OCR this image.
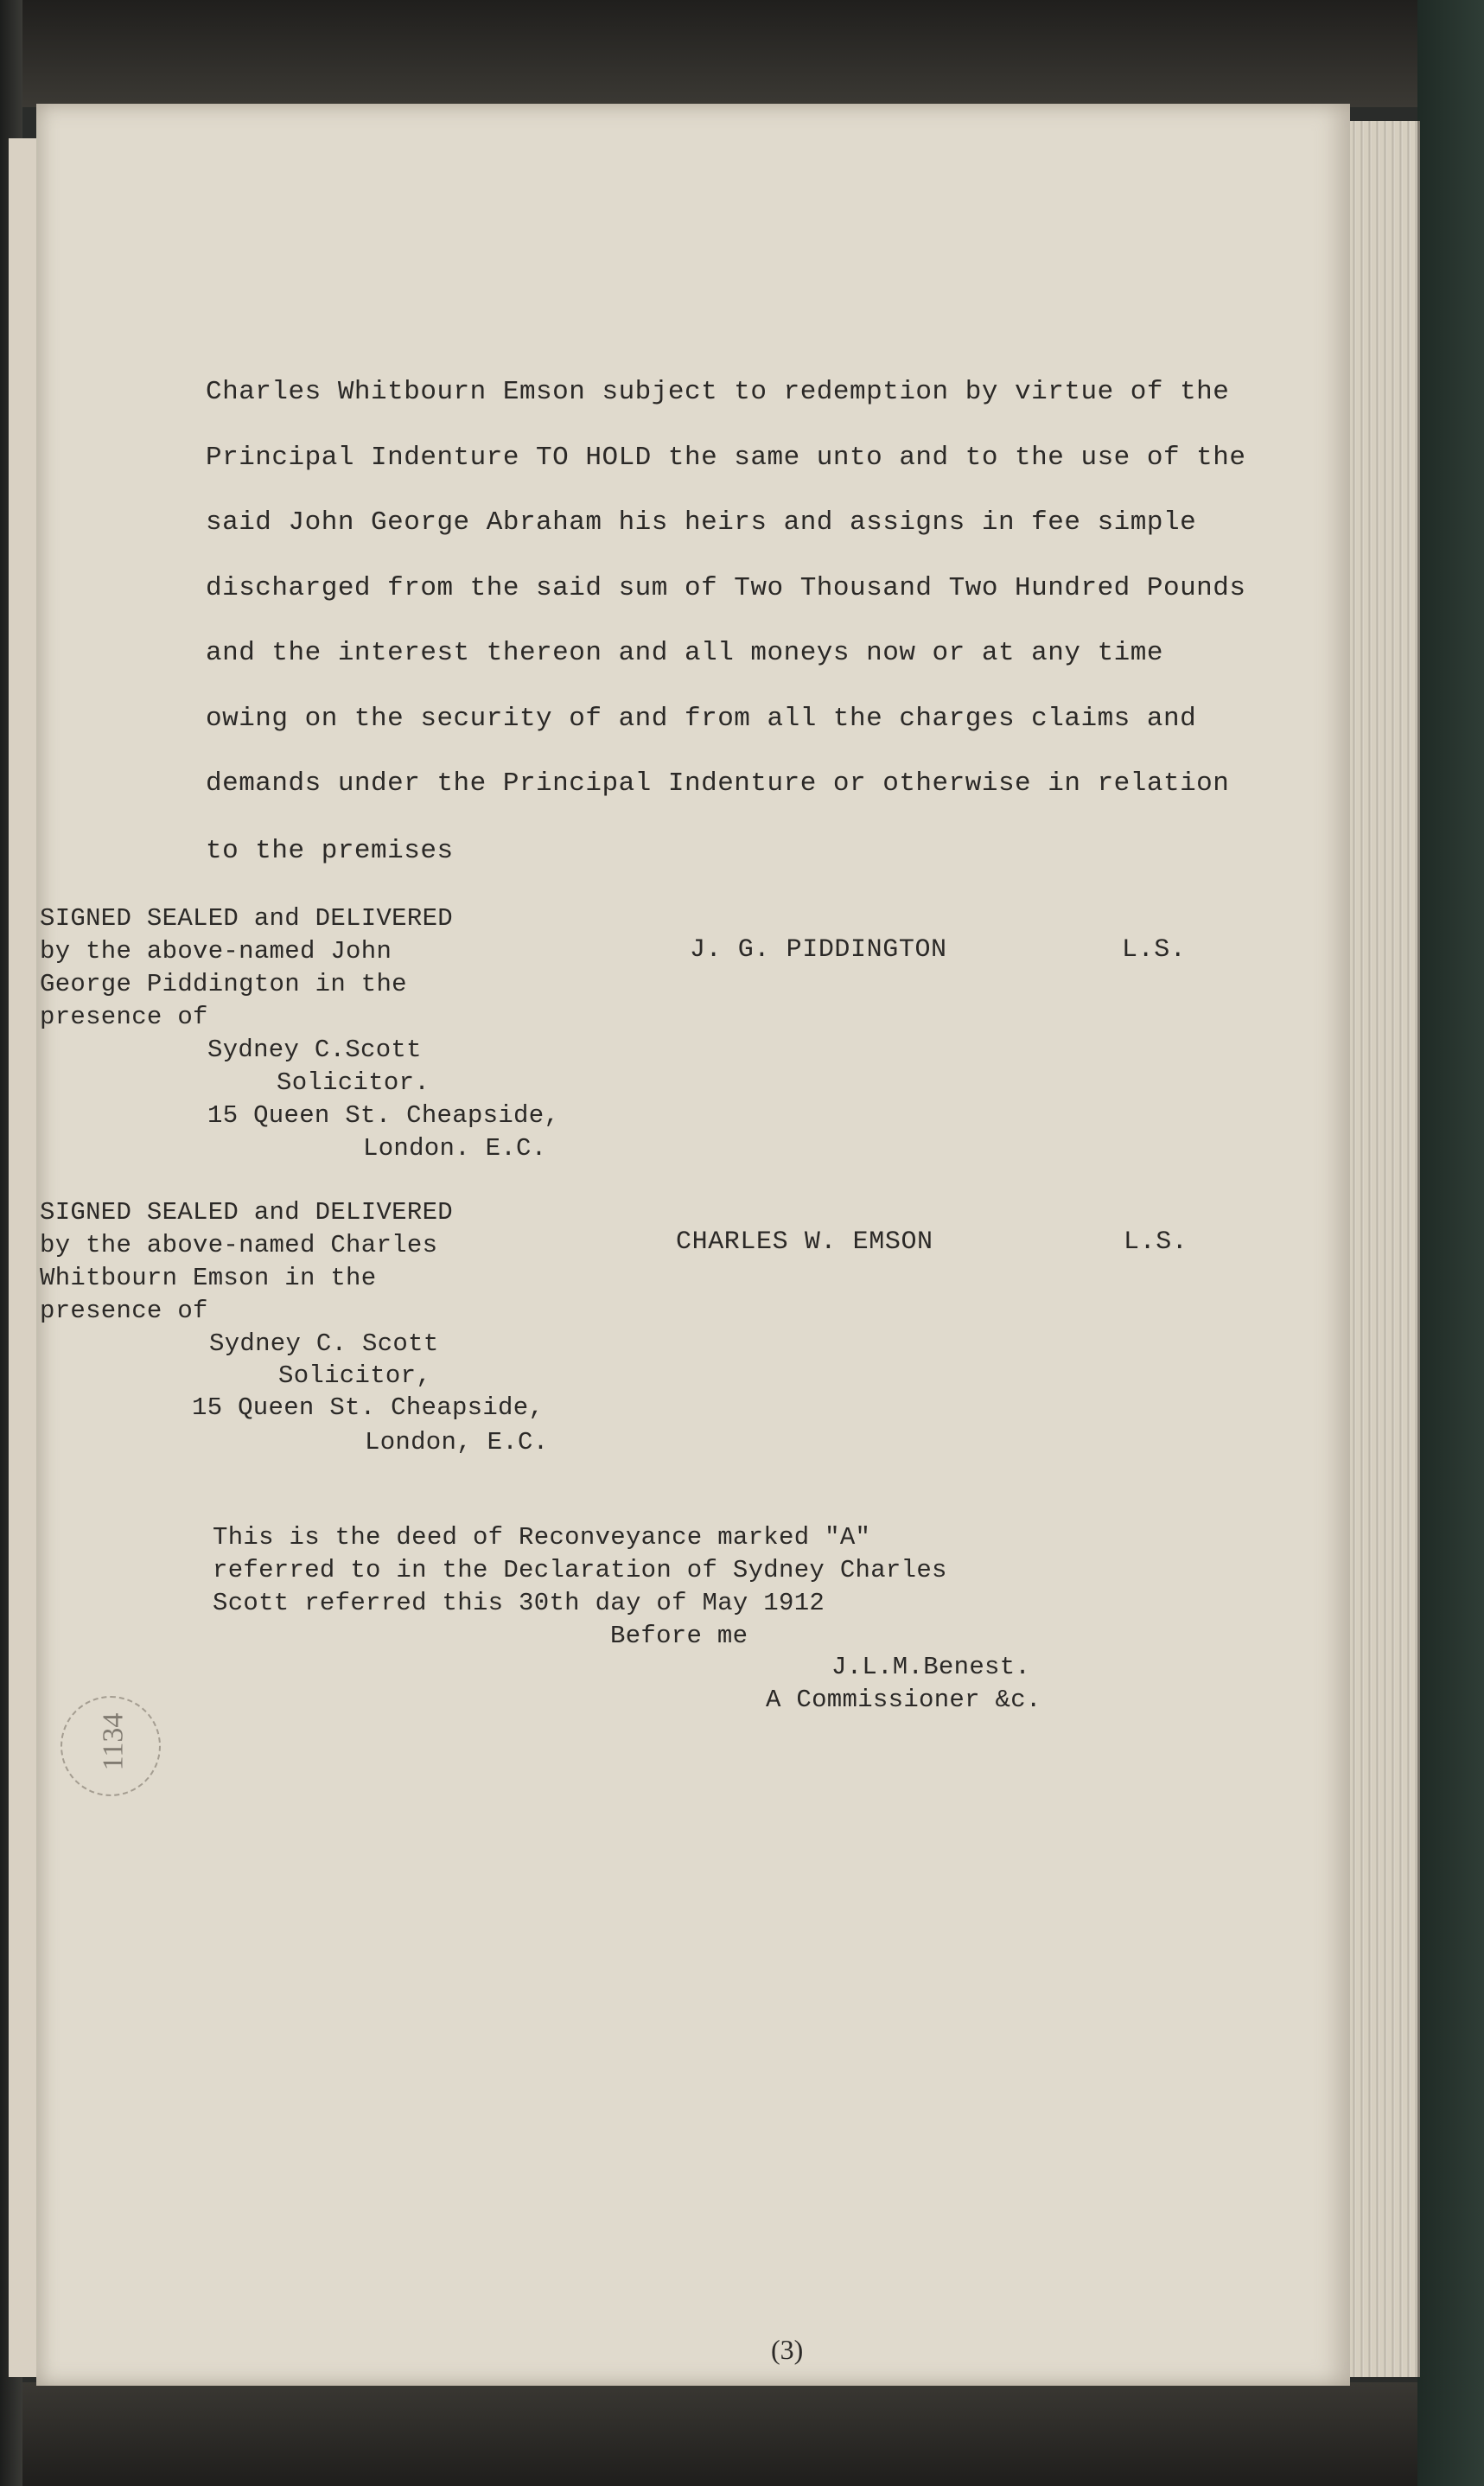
Charles Whitbourn Emson subject to redemption by virtue of the
Principal Indenture TO HOLD the same unto and to the use of the
said John George Abraham his heirs and assigns in fee simple
discharged from the said sum of Two Thousand Two Hundred Pounds
and the interest thereon and all moneys now or at any time
owing on the security of and from all the charges claims and
demands under the Principal Indenture or otherwise in relation
to the premises
SIGNED SEALED and DELIVERED
by the above-named John
George Piddington in the
presence of
Sydney C.Scott
Solicitor.
15 Queen St. Cheapside,
London. E.C.
J. G. PIDDINGTON	L.S.
SIGNED SEALED and DELIVERED
by the above-named Charles
Whitbourn Emson in the
presence of
Sydney C. Scott
Solicitor,
15 Queen St. Cheapside,
London, E.C.
CHARLES W. EMSON	L.S.
This is the deed of Reconveyance marked "A"
referred to in the Declaration of Sydney Charles
Scott referred this 30th day of May 1912
Before me
J.L.M.Benest.
A Commissioner &c.
1134
(3)
